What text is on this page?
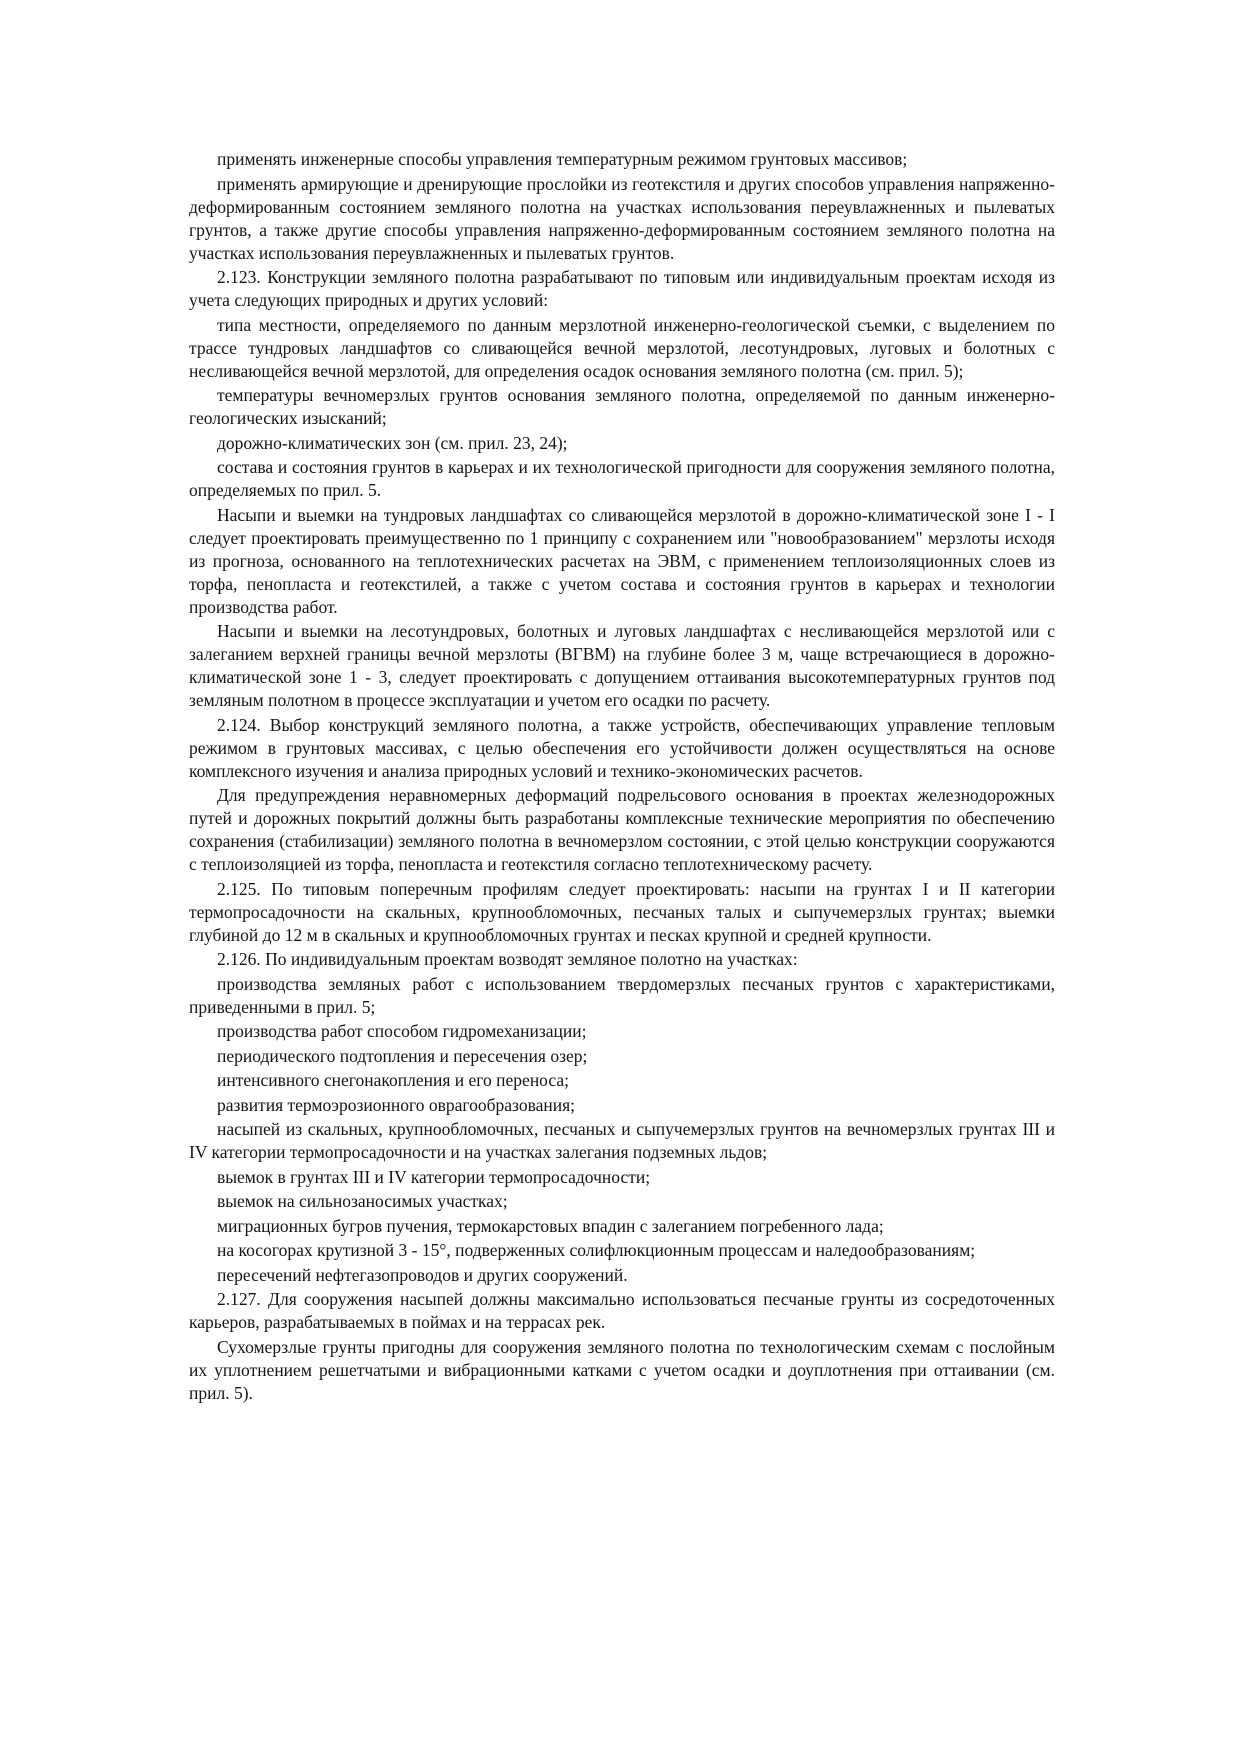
применять инженерные способы управления температурным режимом грунтовых массивов;

применять армирующие и дренирующие прослойки из геотекстиля и других способов управления напряженно-деформированным состоянием земляного полотна на участках использования переувлажненных и пылеватых грунтов, а также другие способы управления напряженно-деформированным состоянием земляного полотна на участках использования переувлажненных и пылеватых грунтов.

2.123. Конструкции земляного полотна разрабатывают по типовым или индивидуальным проектам исходя из учета следующих природных и других условий:

типа местности, определяемого по данным мерзлотной инженерно-геологической съемки, с выделением по трассе тундровых ландшафтов со сливающейся вечной мерзлотой, лесотундровых, луговых и болотных с несливающейся вечной мерзлотой, для определения осадок основания земляного полотна (см. прил. 5);

температуры вечномерзлых грунтов основания земляного полотна, определяемой по данным инженерно-геологических изысканий;

дорожно-климатических зон (см. прил. 23, 24);

состава и состояния грунтов в карьерах и их технологической пригодности для сооружения земляного полотна, определяемых по прил. 5.

Насыпи и выемки на тундровых ландшафтах со сливающейся мерзлотой в дорожно-климатической зоне I - I следует проектировать преимущественно по 1 принципу с сохранением или "новообразованием" мерзлоты исходя из прогноза, основанного на теплотехнических расчетах на ЭВМ, с применением теплоизоляционных слоев из торфа, пенопласта и геотекстилей, а также с учетом состава и состояния грунтов в карьерах и технологии производства работ.

Насыпи и выемки на лесотундровых, болотных и луговых ландшафтах с несливающейся мерзлотой или с залеганием верхней границы вечной мерзлоты (ВГВМ) на глубине более 3 м, чаще встречающиеся в дорожно-климатической зоне 1 - 3, следует проектировать с допущением оттаивания высокотемпературных грунтов под земляным полотном в процессе эксплуатации и учетом его осадки по расчету.

2.124. Выбор конструкций земляного полотна, а также устройств, обеспечивающих управление тепловым режимом в грунтовых массивах, с целью обеспечения его устойчивости должен осуществляться на основе комплексного изучения и анализа природных условий и технико-экономических расчетов.

Для предупреждения неравномерных деформаций подрельсового основания в проектах железнодорожных путей и дорожных покрытий должны быть разработаны комплексные технические мероприятия по обеспечению сохранения (стабилизации) земляного полотна в вечномерзлом состоянии, с этой целью конструкции сооружаются с теплоизоляцией из торфа, пенопласта и геотекстиля согласно теплотехническому расчету.

2.125. По типовым поперечным профилям следует проектировать: насыпи на грунтах I и II категории термопросадочности на скальных, крупнообломочных, песчаных талых и сыпучемерзлых грунтах; выемки глубиной до 12 м в скальных и крупнообломочных грунтах и песках крупной и средней крупности.

2.126. По индивидуальным проектам возводят земляное полотно на участках:

производства земляных работ с использованием твердомерзлых песчаных грунтов с характеристиками, приведенными в прил. 5;

производства работ способом гидромеханизации;

периодического подтопления и пересечения озер;

интенсивного снегонакопления и его переноса;

развития термоэрозионного оврагообразования;

насыпей из скальных, крупнообломочных, песчаных и сыпучемерзлых грунтов на вечномерзлых грунтах III и IV категории термопросадочности и на участках залегания подземных льдов;

выемок в грунтах III и IV категории термопросадочности;

выемок на сильнозаносимых участках;

миграционных бугров пучения, термокарстовых впадин с залеганием погребенного лада;

на косогорах крутизной 3 - 15°, подверженных солифлюкционным процессам и наледообразованиям;

пересечений нефтегазопроводов и других сооружений.

2.127. Для сооружения насыпей должны максимально использоваться песчаные грунты из сосредоточенных карьеров, разрабатываемых в поймах и на террасах рек.

Сухомерзлые грунты пригодны для сооружения земляного полотна по технологическим схемам с послойным их уплотнением решетчатыми и вибрационными катками с учетом осадки и доуплотнения при оттаивании (см. прил. 5).
